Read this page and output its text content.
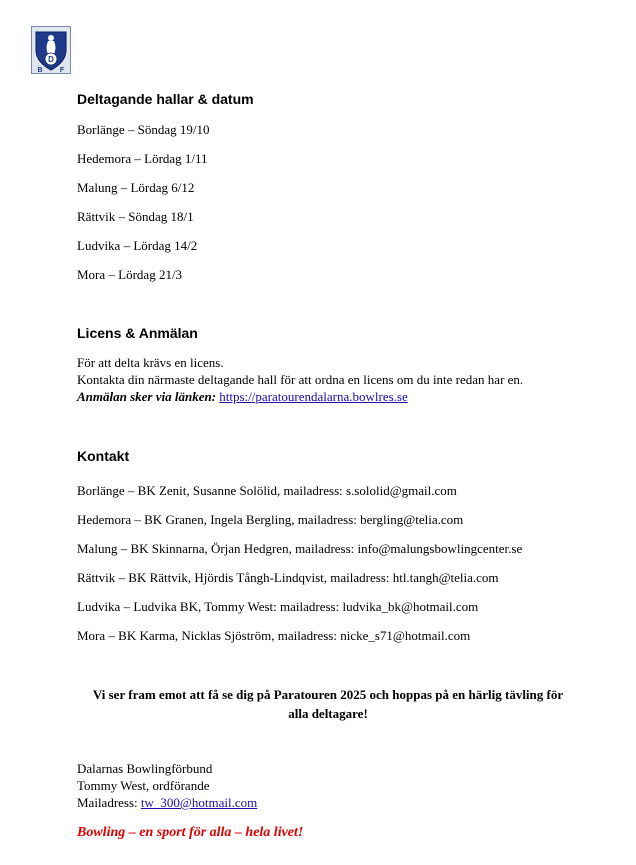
D
B F
Deltagande hallar & datum
Borlänge – Söndag 19/10
Hedemora – Lördag 1/11
Malung – Lördag 6/12
Rättvik – Söndag 18/1
Ludvika – Lördag 14/2
Mora – Lördag 21/3
Licens & Anmälan
För att delta krävs en licens.
Kontakta din närmaste deltagande hall för att ordna en licens om du inte redan har en.
Anmälan sker via länken: https://paratourendalarna.bowlres.se
Kontakt
Borlänge – BK Zenit, Susanne Solölid, mailadress: s.sololid@gmail.com
Hedemora – BK Granen, Ingela Bergling, mailadress: bergling@telia.com
Malung – BK Skinnarna, Örjan Hedgren, mailadress: info@malungsbowlingcenter.se
Rättvik – BK Rättvik, Hjördis Tångh-Lindqvist, mailadress: htl.tangh@telia.com
Ludvika – Ludvika BK, Tommy West: mailadress: ludvika_bk@hotmail.com
Mora – BK Karma, Nicklas Sjöström, mailadress: nicke_s71@hotmail.com
Vi ser fram emot att få se dig på Paratouren 2025 och hoppas på en härlig tävling för
alla deltagare!
Dalarnas Bowlingförbund
Tommy West, ordförande
Mailadress: tw_300@hotmail.com
Bowling – en sport för alla – hela livet!
